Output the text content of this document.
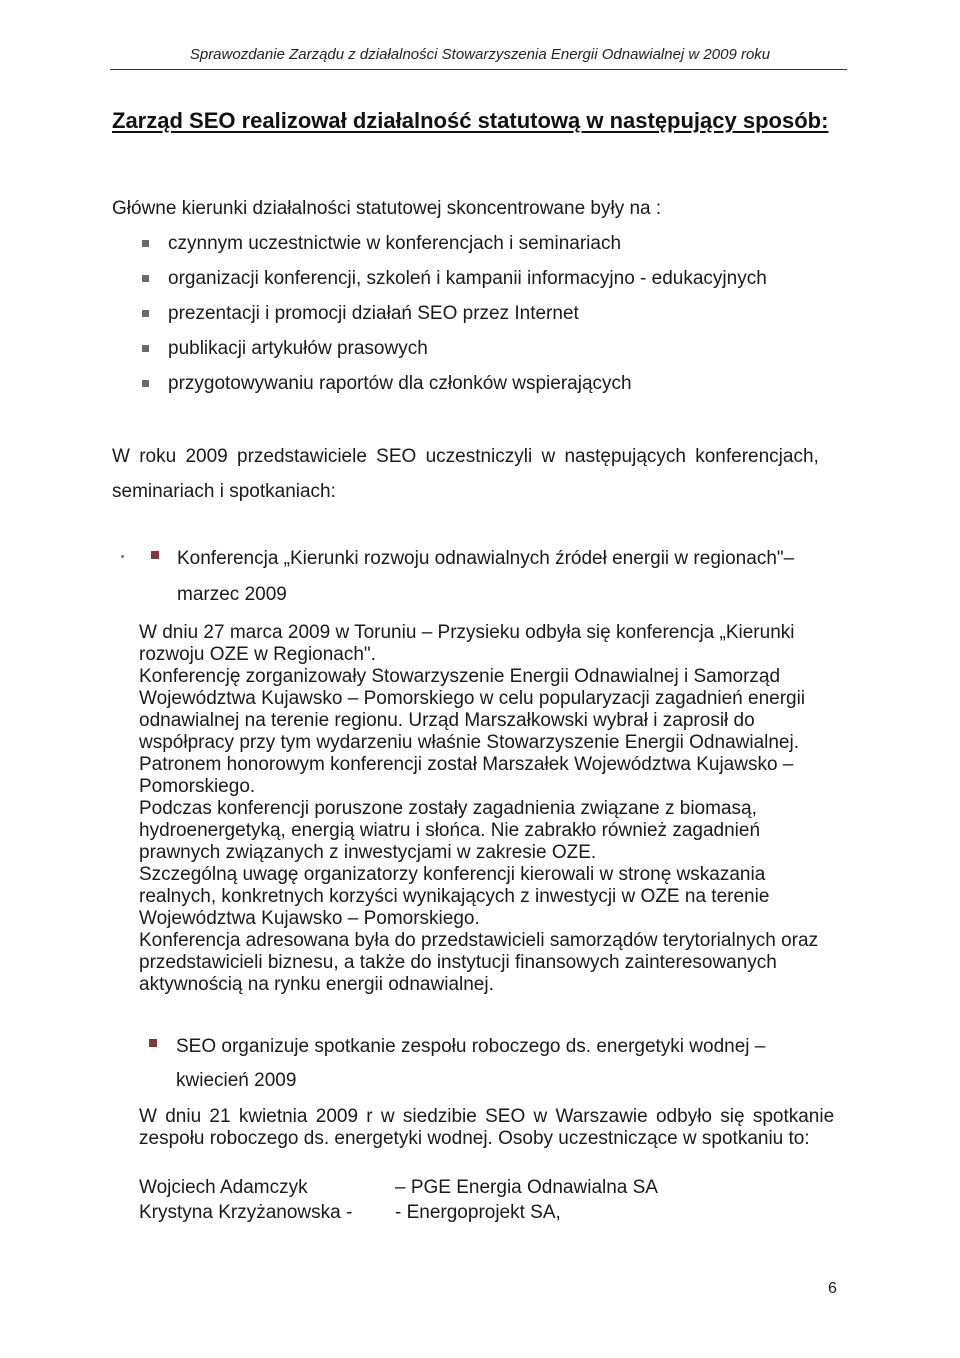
Sprawozdanie Zarządu z działalności Stowarzyszenia Energii Odnawialnej w 2009 roku
Zarząd SEO realizował działalność statutową w następujący sposób:
Główne kierunki działalności statutowej skoncentrowane były na :
czynnym uczestnictwie w konferencjach i seminariach
organizacji konferencji, szkoleń i kampanii informacyjno - edukacyjnych
prezentacji i promocji działań SEO przez Internet
publikacji artykułów prasowych
przygotowywaniu raportów dla członków wspierających
W roku 2009 przedstawiciele SEO uczestniczyli w następujących konferencjach,
seminariach i spotkaniach:
Konferencja „Kierunki rozwoju odnawialnych źródeł energii w regionach"–
marzec 2009
W dniu 27 marca 2009 w Toruniu – Przysieku odbyła się konferencja „Kierunki
rozwoju OZE w Regionach".
Konferencję zorganizowały Stowarzyszenie Energii Odnawialnej i Samorząd
Województwa Kujawsko – Pomorskiego w celu popularyzacji zagadnień energii
odnawialnej na terenie regionu. Urząd Marszałkowski wybrał i zaprosił do
współpracy przy tym wydarzeniu właśnie Stowarzyszenie Energii Odnawialnej.
Patronem honorowym konferencji został Marszałek Województwa Kujawsko –
Pomorskiego.
Podczas konferencji poruszone zostały zagadnienia związane z biomasą,
hydroenergetyką, energią wiatru i słońca. Nie zabrakło również zagadnień
prawnych związanych z inwestycjami w zakresie OZE.
Szczególną uwagę organizatorzy konferencji kierowali w stronę wskazania
realnych, konkretnych korzyści wynikających z inwestycji w OZE na terenie
Województwa Kujawsko – Pomorskiego.
Konferencja adresowana była do przedstawicieli samorządów terytorialnych oraz
przedstawicieli biznesu, a także do instytucji finansowych zainteresowanych
aktywnością na rynku energii odnawialnej.
SEO organizuje spotkanie zespołu roboczego ds. energetyki wodnej –
kwiecień 2009
W dniu 21 kwietnia 2009 r w siedzibie SEO w Warszawie odbyło się spotkanie
zespołu roboczego ds. energetyki wodnej. Osoby uczestniczące w spotkaniu to:
Wojciech Adamczyk	– PGE Energia Odnawialna SA
Krystyna Krzyżanowska - - Energoprojekt SA,
6
